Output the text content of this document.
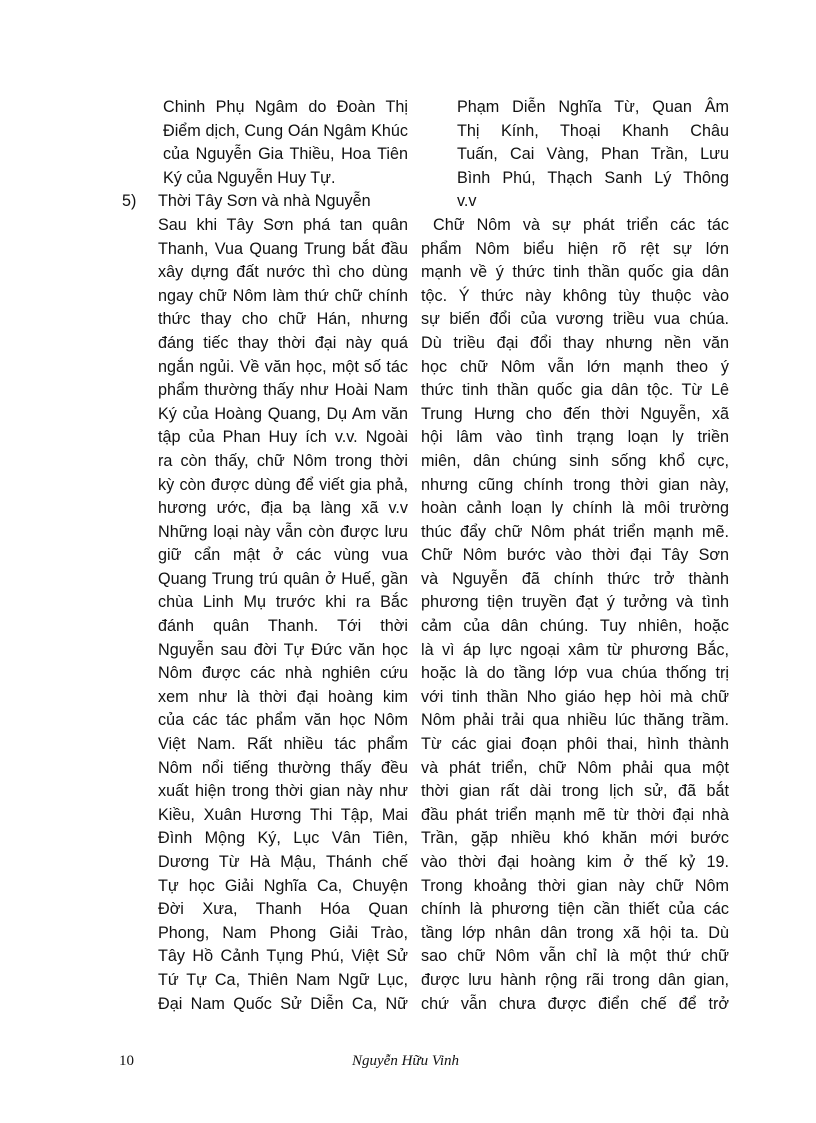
Chinh Phụ Ngâm do Đoàn Thị
Điểm dịch, Cung Oán Ngâm Khúc
của Nguyễn Gia Thiều, Hoa Tiên
Ký của Nguyễn Huy Tự.
5) Thời Tây Sơn và nhà Nguyễn
Sau khi Tây Sơn phá tan quân
Thanh, Vua Quang Trung bắt đầu
xây dựng đất nước thì cho dùng
ngay chữ Nôm làm thứ chữ chính
thức thay cho chữ Hán, nhưng
đáng tiếc thay thời đại này quá
ngắn ngủi. Về văn học, một số tác
phẩm thường thấy như Hoài Nam
Ký của Hoàng Quang, Dụ Am văn
tập của Phan Huy ích v.v. Ngoài
ra còn thấy, chữ Nôm trong thời
kỳ còn được dùng để viết gia phả,
hương ước, địa bạ làng xã v.v
Những loại này vẫn còn được lưu
giữ cẩn mật ở các vùng vua
Quang Trung trú quân ở Huế, gần
chùa Linh Mụ trước khi ra Bắc
đánh quân Thanh. Tới thời
Nguyễn sau đời Tự Đức văn học
Nôm được các nhà nghiên cứu
xem như là thời đại hoàng kim
của các tác phẩm văn học Nôm
Việt Nam. Rất nhiều tác phẩm
Nôm nổi tiếng thường thấy đều
xuất hiện trong thời gian này như
Kiều, Xuân Hương Thi Tập, Mai
Đình Mộng Ký, Lục Vân Tiên,
Dương Từ Hà Mậu, Thánh chế
Tự học Giải Nghĩa Ca, Chuyện
Đời Xưa, Thanh Hóa Quan
Phong, Nam Phong Giải Trào,
Tây Hồ Cảnh Tụng Phú, Việt Sử
Tứ Tự Ca, Thiên Nam Ngữ Lục,
Đại Nam Quốc Sử Diễn Ca, Nữ
Phạm Diễn Nghĩa Từ, Quan Âm
Thị Kính, Thoại Khanh Châu
Tuấn, Cai Vàng, Phan Trần, Lưu
Bình Phú, Thạch Sanh Lý Thông
v.v
Chữ Nôm và sự phát triển các tác
phẩm Nôm biểu hiện rõ rệt sự lớn
mạnh về ý thức tinh thần quốc gia dân
tộc. Ý thức này không tùy thuộc vào
sự biến đổi của vương triều vua chúa.
Dù triều đại đổi thay nhưng nền văn
học chữ Nôm vẫn lớn mạnh theo ý
thức tinh thần quốc gia dân tộc. Từ Lê
Trung Hưng cho đến thời Nguyễn, xã
hội lâm vào tình trạng loạn ly triền
miên, dân chúng sinh sống khổ cực,
nhưng cũng chính trong thời gian này,
hoàn cảnh loạn ly chính là môi trường
thúc đẩy chữ Nôm phát triển mạnh mẽ.
Chữ Nôm bước vào thời đại Tây Sơn
và Nguyễn đã chính thức trở thành
phương tiện truyền đạt ý tưởng và tình
cảm của dân chúng. Tuy nhiên, hoặc
là vì áp lực ngoại xâm từ phương Bắc,
hoặc là do tầng lớp vua chúa thống trị
với tinh thần Nho giáo hẹp hòi mà chữ
Nôm phải trải qua nhiều lúc thăng trầm.
Từ các giai đoạn phôi thai, hình thành
và phát triển, chữ Nôm phải qua một
thời gian rất dài trong lịch sử, đã bắt
đầu phát triển mạnh mẽ từ thời đại nhà
Trần, gặp nhiều khó khăn mới bước
vào thời đại hoàng kim ở thế kỷ 19.
Trong khoảng thời gian này chữ Nôm
chính là phương tiện cần thiết của các
tầng lớp nhân dân trong xã hội ta. Dù
sao chữ Nôm vẫn chỉ là một thứ chữ
được lưu hành rộng rãi trong dân gian,
chứ vẫn chưa được điển chế để trở
10	Nguyễn Hữu Vinh
